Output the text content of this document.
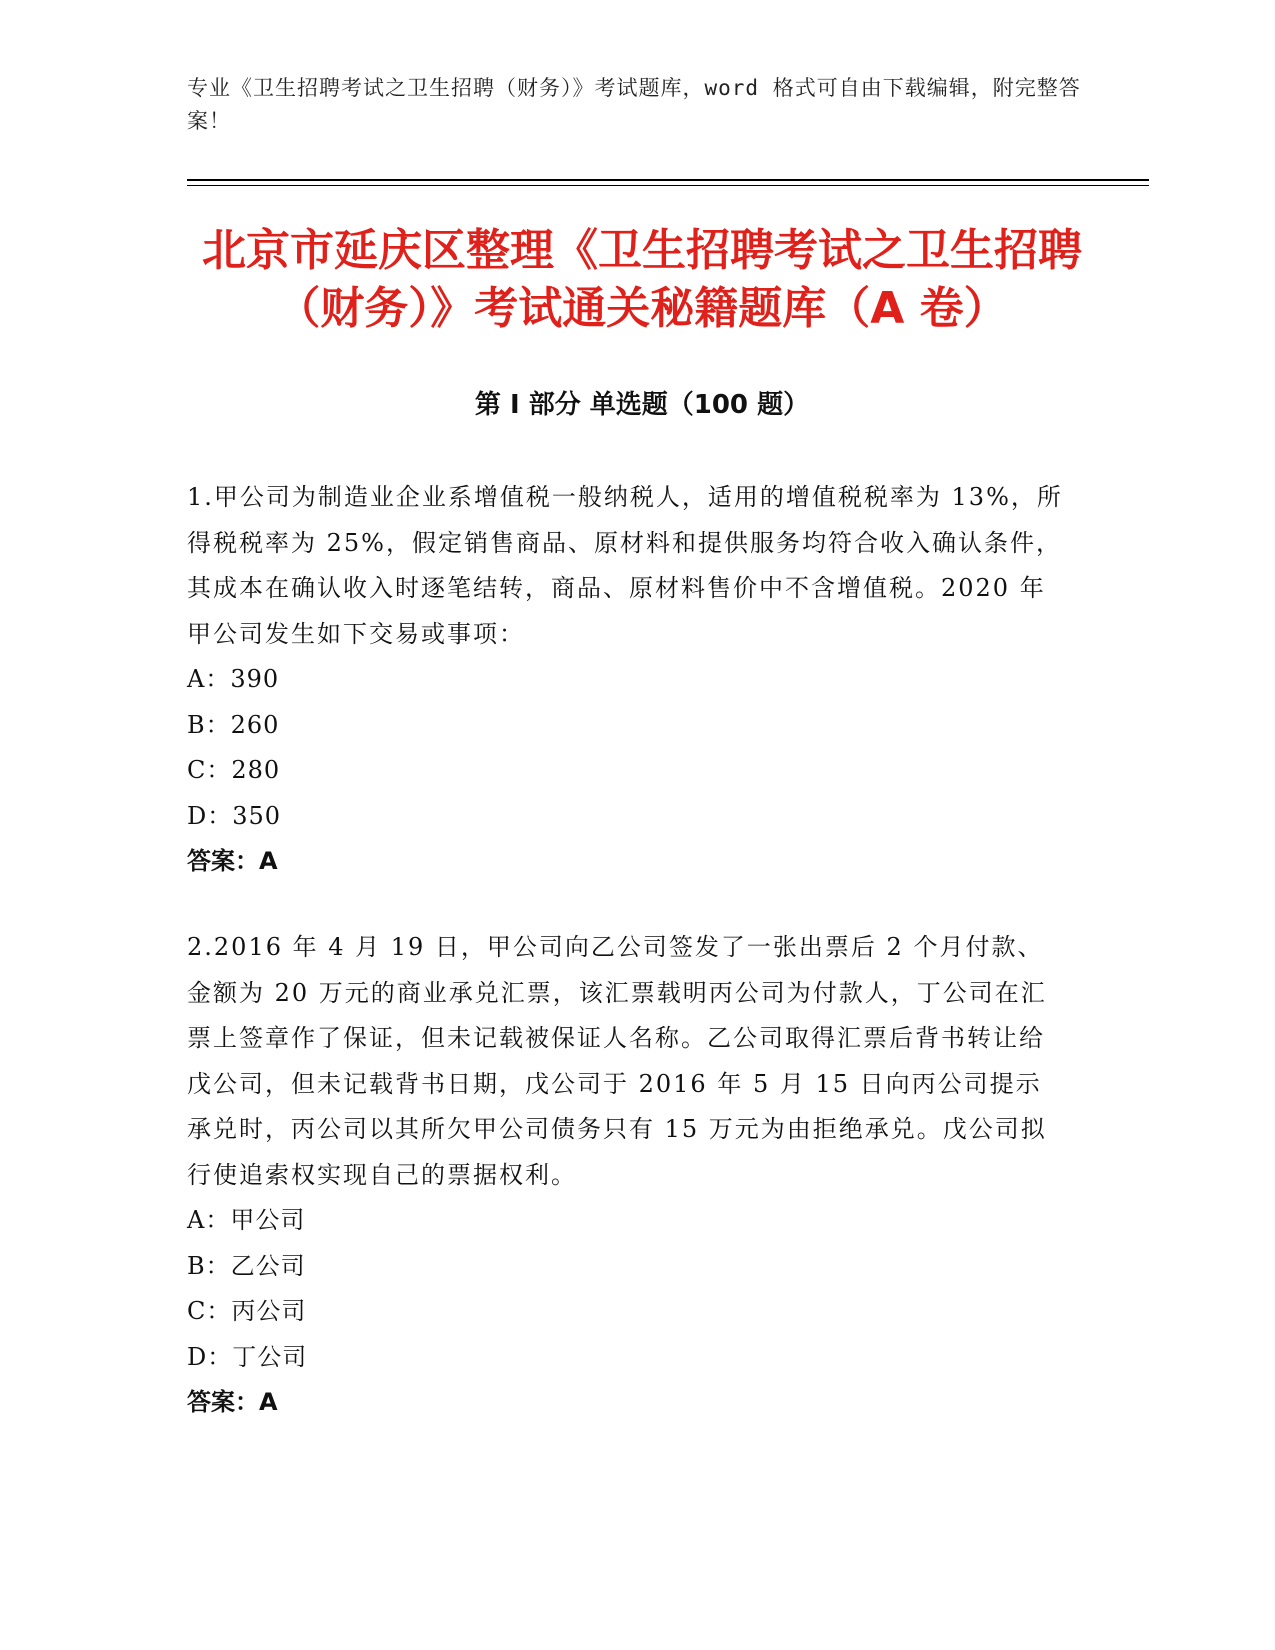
专业《卫生招聘考试之卫生招聘（财务）》考试题库，word 格式可自由下载编辑，附完整答案！
北京市延庆区整理《卫生招聘考试之卫生招聘（财务）》考试通关秘籍题库（A 卷）
第 I 部分 单选题（100 题）
1.甲公司为制造业企业系增值税一般纳税人，适用的增值税税率为 13%，所得税税率为 25%，假定销售商品、原材料和提供服务均符合收入确认条件，其成本在确认收入时逐笔结转，商品、原材料售价中不含增值税。2020 年甲公司发生如下交易或事项：
A：390
B：260
C：280
D：350
答案：A
2.2016 年 4 月 19 日，甲公司向乙公司签发了一张出票后 2 个月付款、金额为 20 万元的商业承兑汇票，该汇票载明丙公司为付款人，丁公司在汇票上签章作了保证，但未记载被保证人名称。乙公司取得汇票后背书转让给戊公司，但未记载背书日期，戊公司于 2016 年 5 月 15 日向丙公司提示承兑时，丙公司以其所欠甲公司债务只有 15 万元为由拒绝承兑。戊公司拟行使追索权实现自己的票据权利。
A：甲公司
B：乙公司
C：丙公司
D：丁公司
答案：A
